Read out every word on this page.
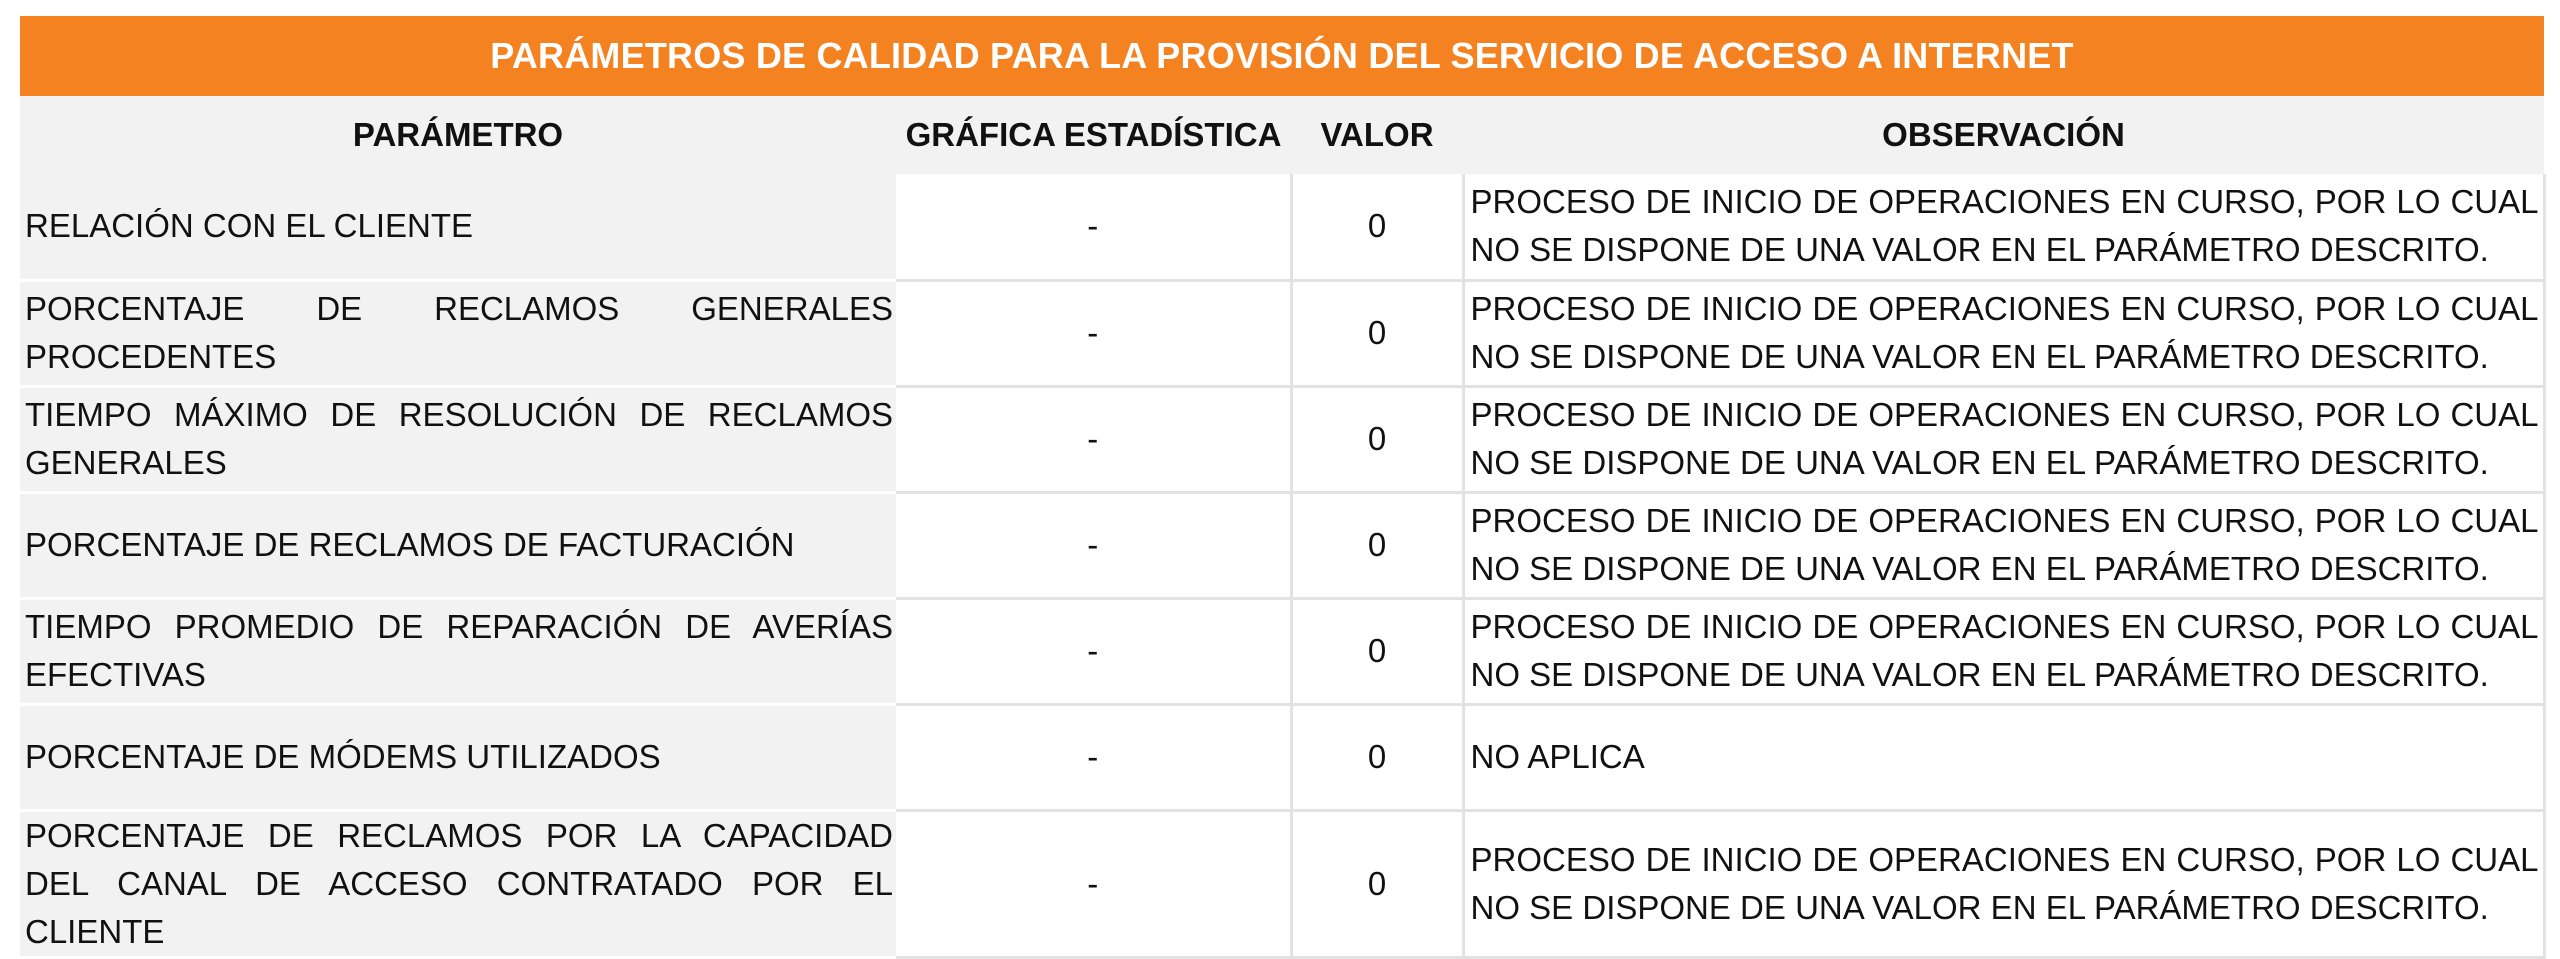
PARÁMETROS DE CALIDAD PARA LA PROVISIÓN DEL SERVICIO DE ACCESO A INTERNET
PARÁMETRO	GRÁFICA ESTADÍSTICA	VALOR	OBSERVACIÓN
RELACIÓN CON EL CLIENTE	-	0	PROCESO DE INICIO DE OPERACIONES EN CURSO, POR LO CUAL NO SE DISPONE DE UNA VALOR EN EL PARÁMETRO DESCRITO.
PORCENTAJE DE RECLAMOS GENERALES PROCEDENTES	-	0	PROCESO DE INICIO DE OPERACIONES EN CURSO, POR LO CUAL NO SE DISPONE DE UNA VALOR EN EL PARÁMETRO DESCRITO.
TIEMPO MÁXIMO DE RESOLUCIÓN DE RECLAMOS GENERALES	-	0	PROCESO DE INICIO DE OPERACIONES EN CURSO, POR LO CUAL NO SE DISPONE DE UNA VALOR EN EL PARÁMETRO DESCRITO.
PORCENTAJE DE RECLAMOS DE FACTURACIÓN	-	0	PROCESO DE INICIO DE OPERACIONES EN CURSO, POR LO CUAL NO SE DISPONE DE UNA VALOR EN EL PARÁMETRO DESCRITO.
TIEMPO PROMEDIO DE REPARACIÓN DE AVERÍAS EFECTIVAS	-	0	PROCESO DE INICIO DE OPERACIONES EN CURSO, POR LO CUAL NO SE DISPONE DE UNA VALOR EN EL PARÁMETRO DESCRITO.
PORCENTAJE DE MÓDEMS UTILIZADOS	-	0	NO APLICA
PORCENTAJE DE RECLAMOS POR LA CAPACIDAD DEL CANAL DE ACCESO CONTRATADO POR EL CLIENTE	-	0	PROCESO DE INICIO DE OPERACIONES EN CURSO, POR LO CUAL NO SE DISPONE DE UNA VALOR EN EL PARÁMETRO DESCRITO.
